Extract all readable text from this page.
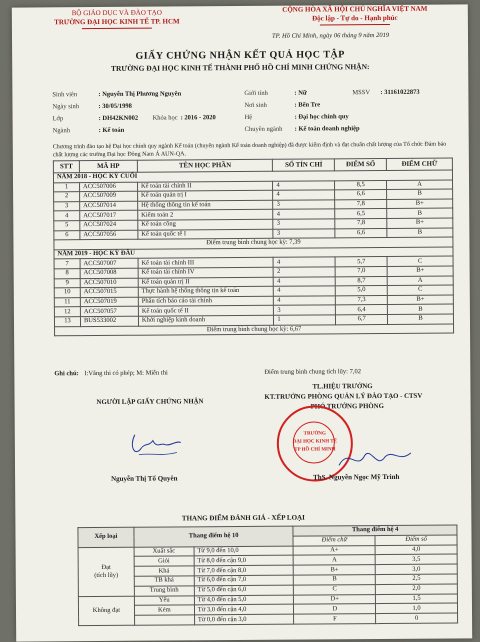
BỘ GIÁO DỤC VÀ ĐÀO TẠO
TRƯỜNG ĐẠI HỌC KINH TẾ TP. HCM
CỘNG HÒA XÃ HỘI CHỦ NGHĨA VIỆT NAM
Độc lập - Tự do - Hạnh phúc
TP. Hồ Chí Minh, ngày 06 tháng 9 năm 2019
GIẤY CHỨNG NHẬN KẾT QUẢ HỌC TẬP
TRƯỜNG ĐẠI HỌC KINH TẾ THÀNH PHỐ HỒ CHÍ MINH CHỨNG NHẬN:
Sinh viên	: Nguyễn Thị Phương Nguyên	Giới tính	: Nữ	MSSV : 31161022873
Ngày sinh	: 30/05/1998	Nơi sinh	: Bến Tre
Lớp	: DH42KN002 Khóa học : 2016 - 2020	Hệ	: Đại học chính quy
Ngành	: Kế toán	Chuyên ngành : Kế toán doanh nghiệp
Chương trình đào tạo hệ Đại học chính quy ngành Kế toán (chuyên ngành Kế toán doanh nghiệp) đã được kiểm định và đạt chuẩn chất lượng của Tổ chức Đảm bảo chất lượng các trường Đại học Đông Nam Á AUN-QA.
STT	MÃ HP	TÊN HỌC PHẦN	SỐ TÍN CHỈ	ĐIỂM SỐ	ĐIỂM CHỮ
NĂM 2018 - HỌC KỲ CUỐI					
1	ACC507006	Kế toán tài chính II	4	8,5	A
2	ACC507009	Kế toán quản trị I	4	6,6	B
3	ACC507014	Hệ thống thông tin kế toán	3	7,8	B+
4	ACC507017	Kiểm toán 2	4	6,5	B
5	ACC507024	Kế toán công	3	7,8	B+
6	ACC507056	Kế toán quốc tế I	3	6,6	B
Điểm trung bình chung học kỳ: 7,39					
NĂM 2019 - HỌC KỲ ĐẦU					
7	ACC507007	Kế toán tài chính III	4	5,7	C
8	ACC507008	Kế toán tài chính IV	2	7,0	B+
9	ACC507010	Kế toán quản trị II	4	8,7	A
10	ACC507015	Thực hành hệ thống thông tin kế toán	4	5,0	C
11	ACC507019	Phân tích báo cáo tài chính	4	7,3	B+
12	ACC507057	Kế toán quốc tế II	3	6,4	B
13	BUS533002	Khởi nghiệp kinh doanh	1	6,7	B
Điểm trung bình chung học kỳ: 6,67					
Điểm trung bình chung tích lũy: 7,02
Ghi chú: I:Vắng thi có phép; M: Miễn thi
TL.HIỆU TRƯỞNG
KT.TRƯỞNG PHÒNG QUẢN LÝ ĐÀO TẠO - CTSV
PHÓ TRƯỞNG PHÒNG
NGƯỜI LẬP GIẤY CHỨNG NHẬN
TRƯỜNG
ĐẠI HỌC KINH TẾ
TP HỒ CHÍ MINH
Nguyễn Thị Tố Quyên	ThS. Nguyễn Ngọc Mỹ Trinh
THANG ĐIỂM ĐÁNH GIÁ - XẾP LOẠI
Xếp loại	Thang điểm hệ 10		Thang điểm hệ 4	
			Điểm chữ	Điểm số
Đạt
(tích lũy)	Xuất sắc	Từ 9,0 đến 10,0	A+	4,0
	Giỏi	Từ 8,0 đến cận 9,0	A	3,5
	Khá	Từ 7,0 đến cận 8,0	B+	3,0
	TB khá	Từ 6,0 đến cận 7,0	B	2,5
	Trung bình	Từ 5,0 đến cận 6,0	C	2,0
Không đạt	Yếu	Từ 4,0 đến cận 5,0	D+	1,5
	Kém	Từ 3,0 đến cận 4,0	D	1,0
		Từ 0,0 đến cận 3,0	F	0
